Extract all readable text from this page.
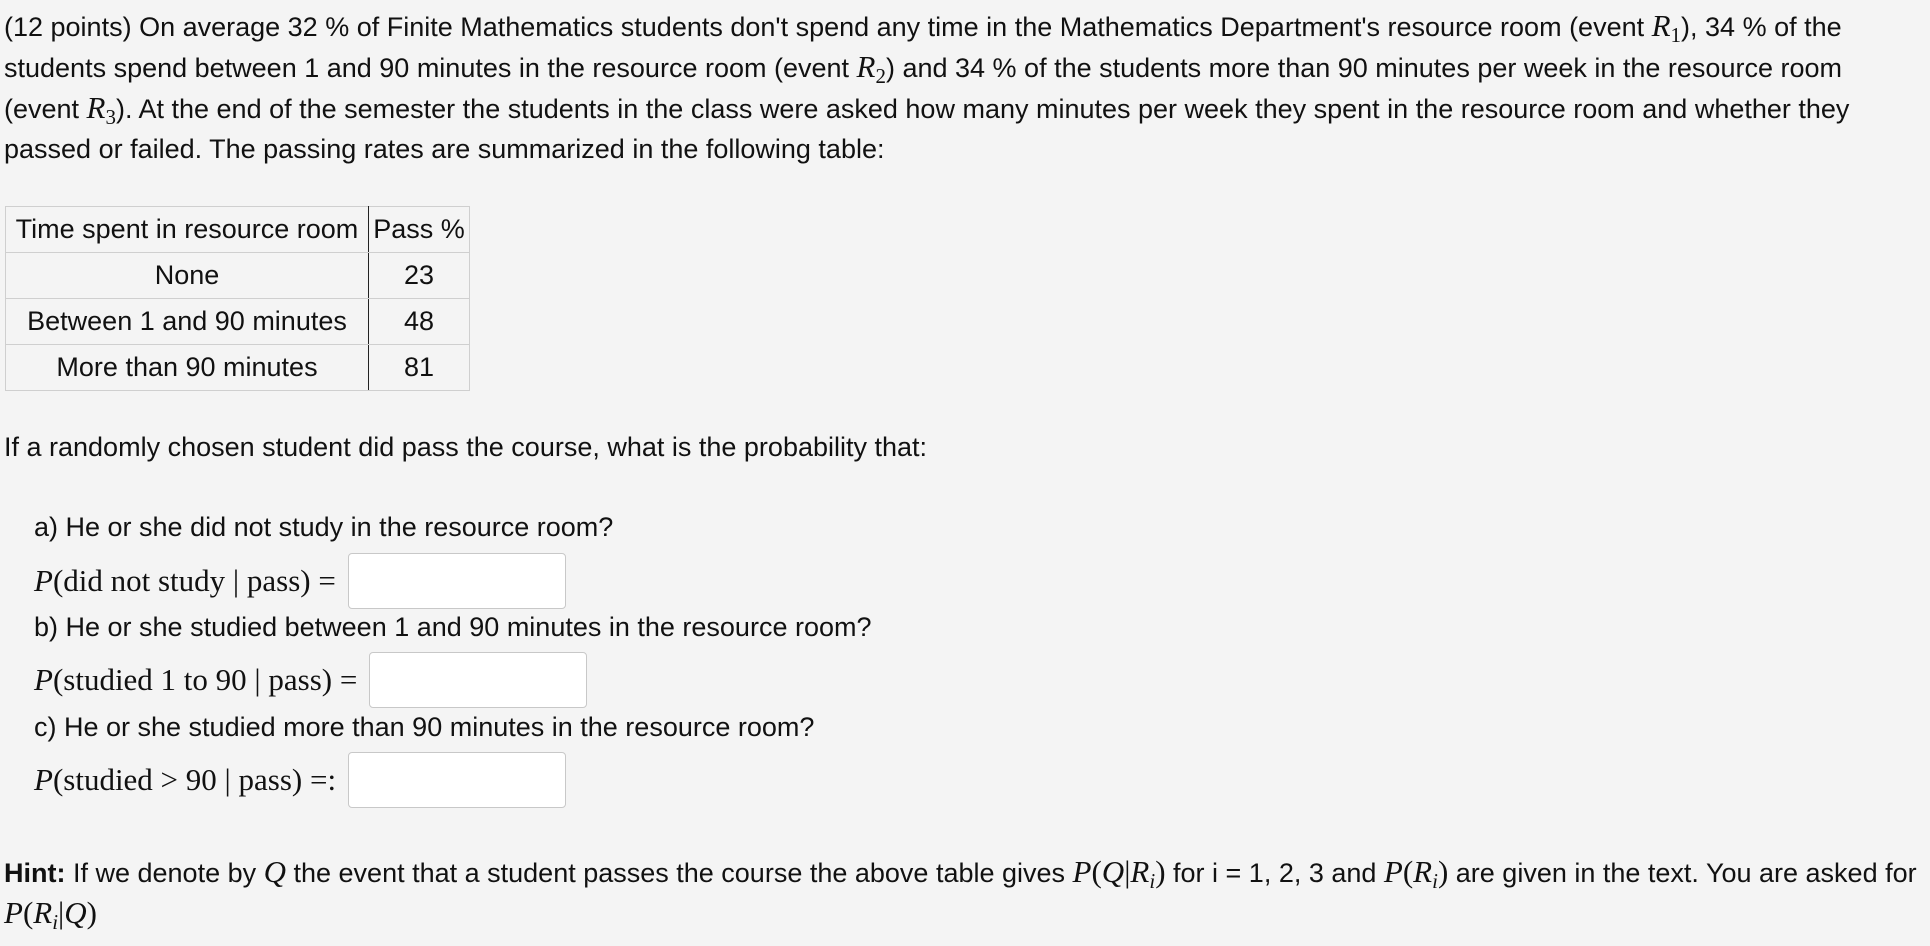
(12 points) On average 32 % of Finite Mathematics students don't spend any time in the Mathematics Department's resource room (event $R_1$), 34 % of the students spend between 1 and 90 minutes in the resource room (event $R_2$) and 34 % of the students more than 90 minutes per week in the resource room (event $R_3$). At the end of the semester the students in the class were asked how many minutes per week they spent in the resource room and whether they passed or failed. The passing rates are summarized in the following table:

Time spent in resource room	Pass %
None	23
Between 1 and 90 minutes	48
More than 90 minutes	81

If a randomly chosen student did pass the course, what is the probability that:

a) He or she did not study in the resource room?

P (did not study | pass) =

b) He or she studied between 1 and 90 minutes in the resource room?

P (studied 1 to 90 | pass) =

c) He or she studied more than 90 minutes in the resource room?

P (studied > 90 | pass) =:

Hint: If we denote by Q the event that a student passes the course the above table gives $P(Q|R_i)$ for i = 1, 2, 3 and $P(R_i)$ are given in the text. You are asked for $P(R_i|Q)$
